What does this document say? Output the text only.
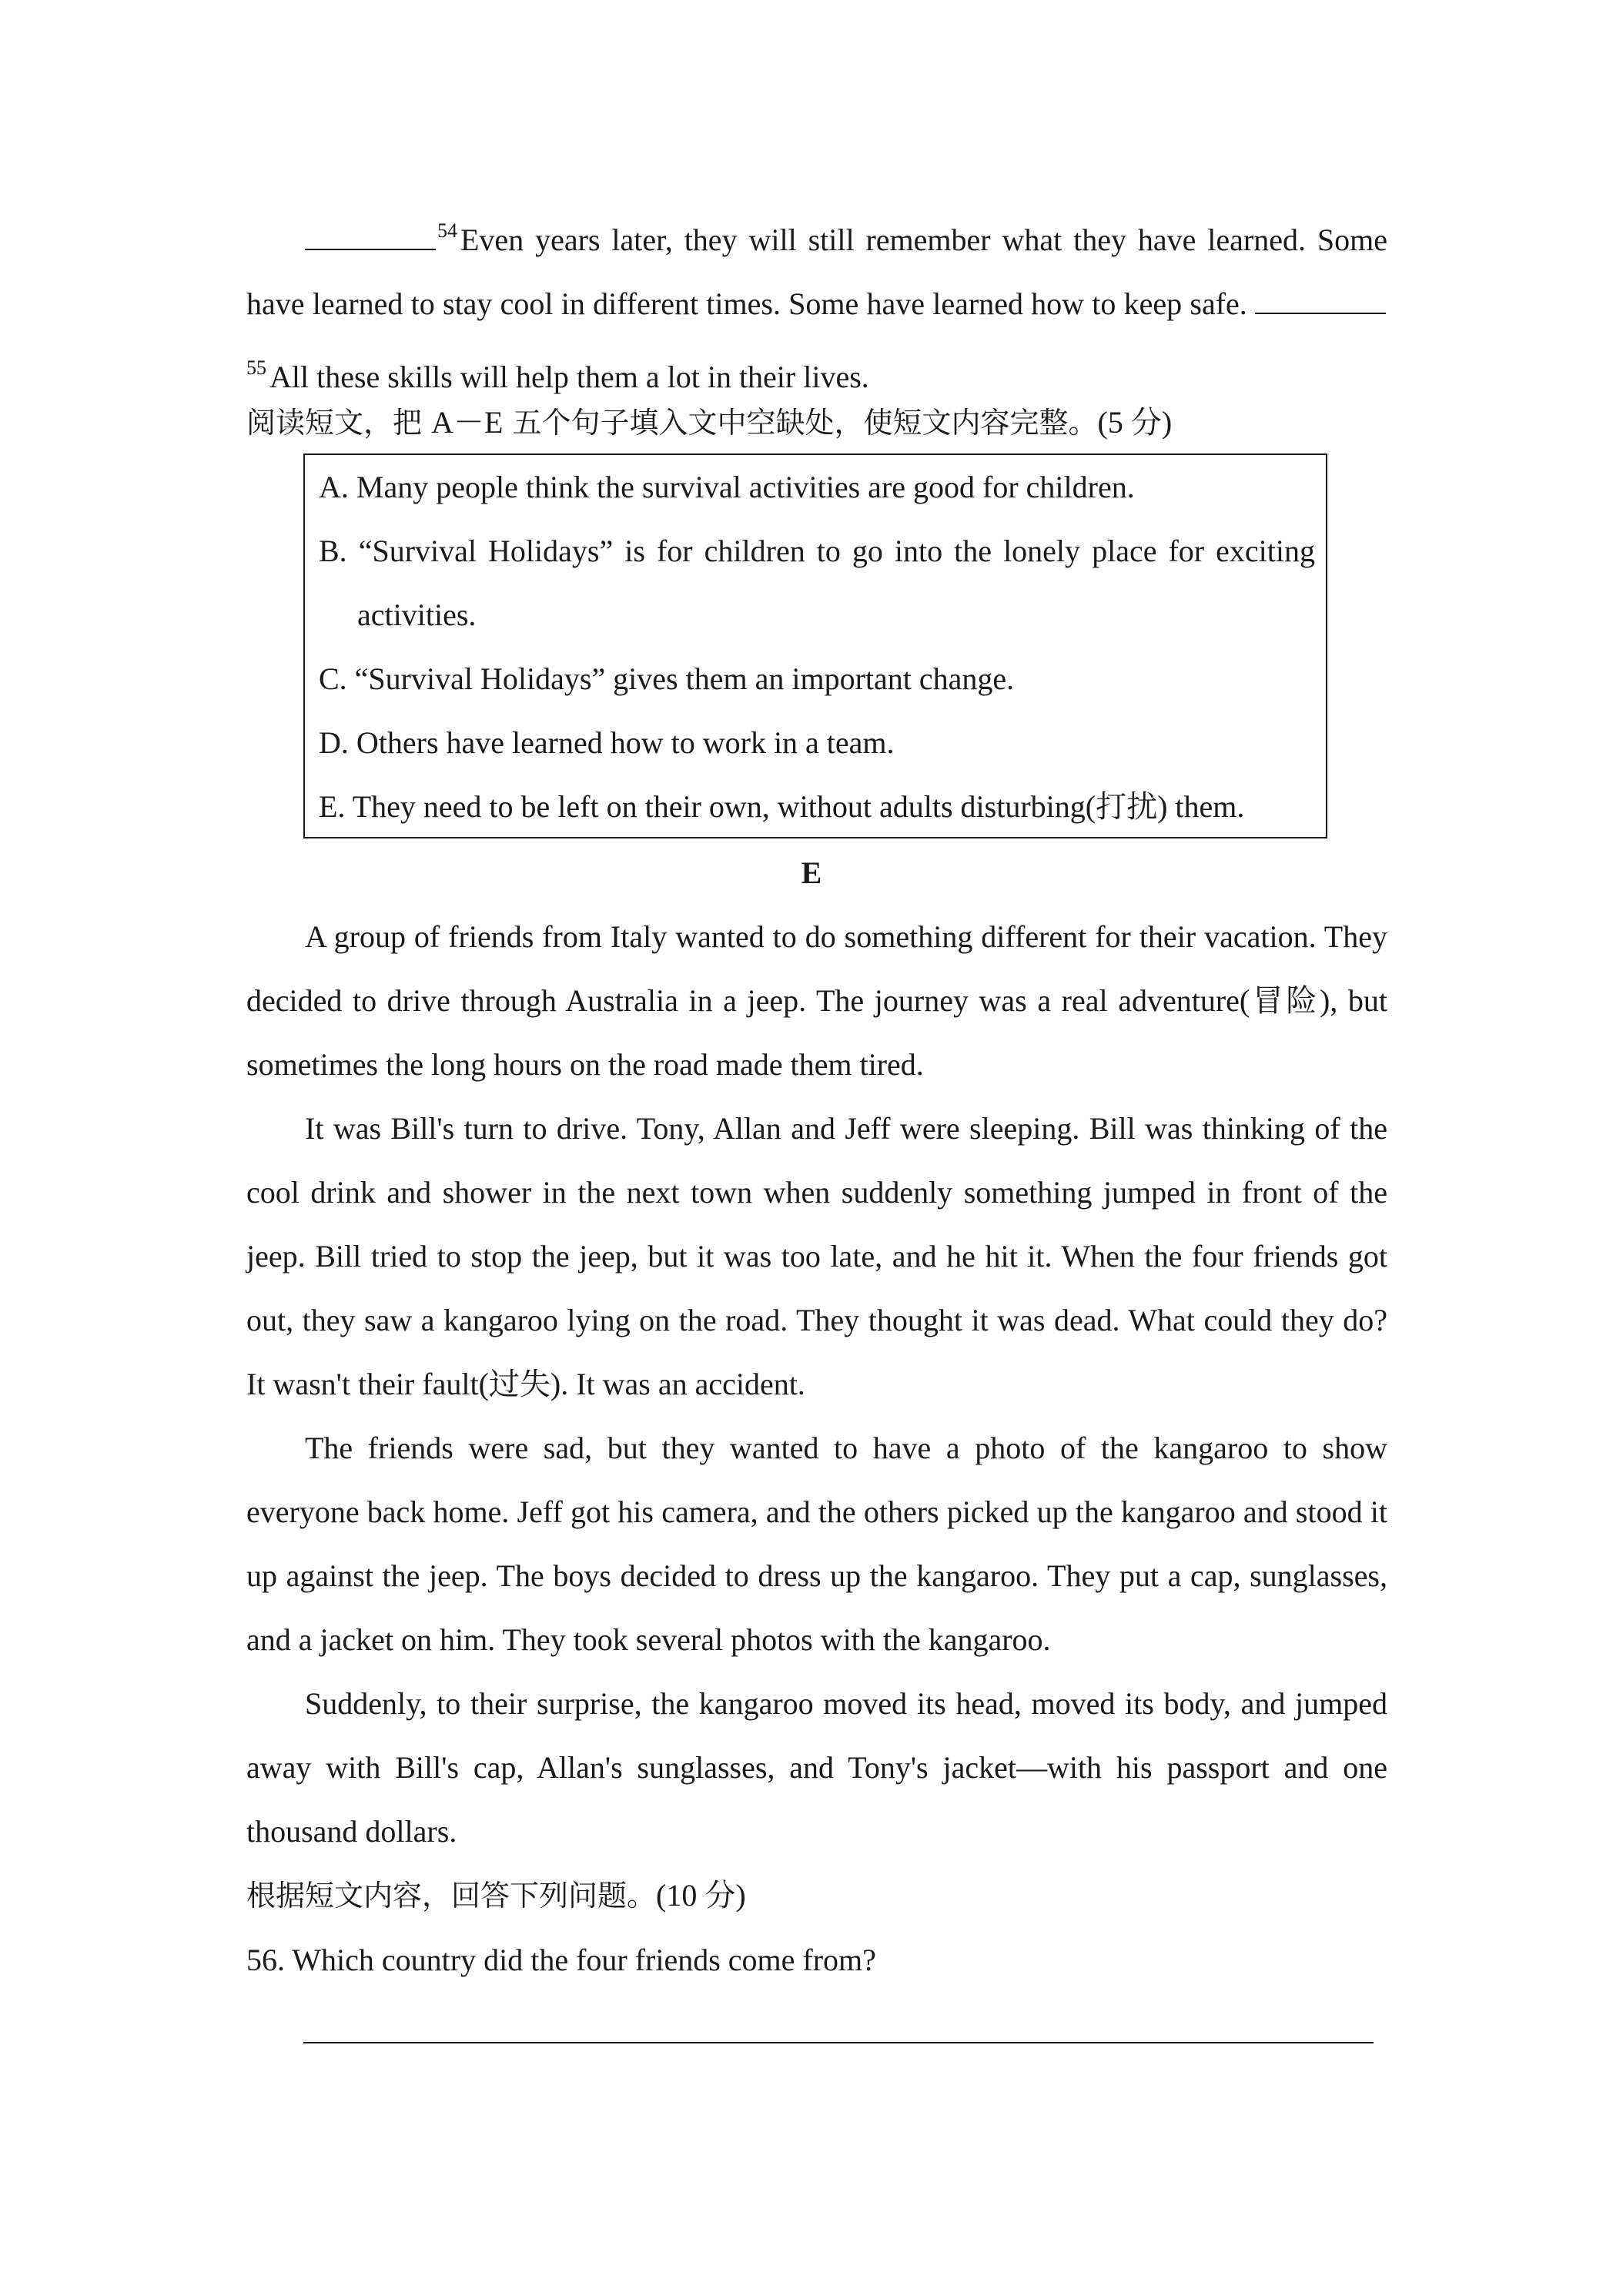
$^{54}$ Even years later, they will still remember what they have learned. Some have learned to stay cool in different times. Some have learned how to keep safe. $^{55}$ All these skills will help them a lot in their lives.

阅读短文，把 A－E 五个句子填入文中空缺处，使短文内容完整。(5 分)

A. Many people think the survival activities are good for children.

B. “Survival Holidays” is for children to go into the lonely place for exciting activities.

C. “Survival Holidays” gives them an important change.

D. Others have learned how to work in a team.

E. They need to be left on their own, without adults disturbing(打扰) them.

E

A group of friends from Italy wanted to do something different for their vacation. They decided to drive through Australia in a jeep. The journey was a real adventure(冒险), but sometimes the long hours on the road made them tired.

It was Bill's turn to drive. Tony, Allan and Jeff were sleeping. Bill was thinking of the cool drink and shower in the next town when suddenly something jumped in front of the jeep. Bill tried to stop the jeep, but it was too late, and he hit it. When the four friends got out, they saw a kangaroo lying on the road. They thought it was dead. What could they do? It wasn't their fault(过失). It was an accident.

The friends were sad, but they wanted to have a photo of the kangaroo to show everyone back home. Jeff got his camera, and the others picked up the kangaroo and stood it up against the jeep. The boys decided to dress up the kangaroo. They put a cap, sunglasses, and a jacket on him. They took several photos with the kangaroo.

Suddenly, to their surprise, the kangaroo moved its head, moved its body, and jumped away with Bill's cap, Allan's sunglasses, and Tony's jacket—with his passport and one thousand dollars.

根据短文内容，回答下列问题。(10 分)

56. Which country did the four friends come from?
